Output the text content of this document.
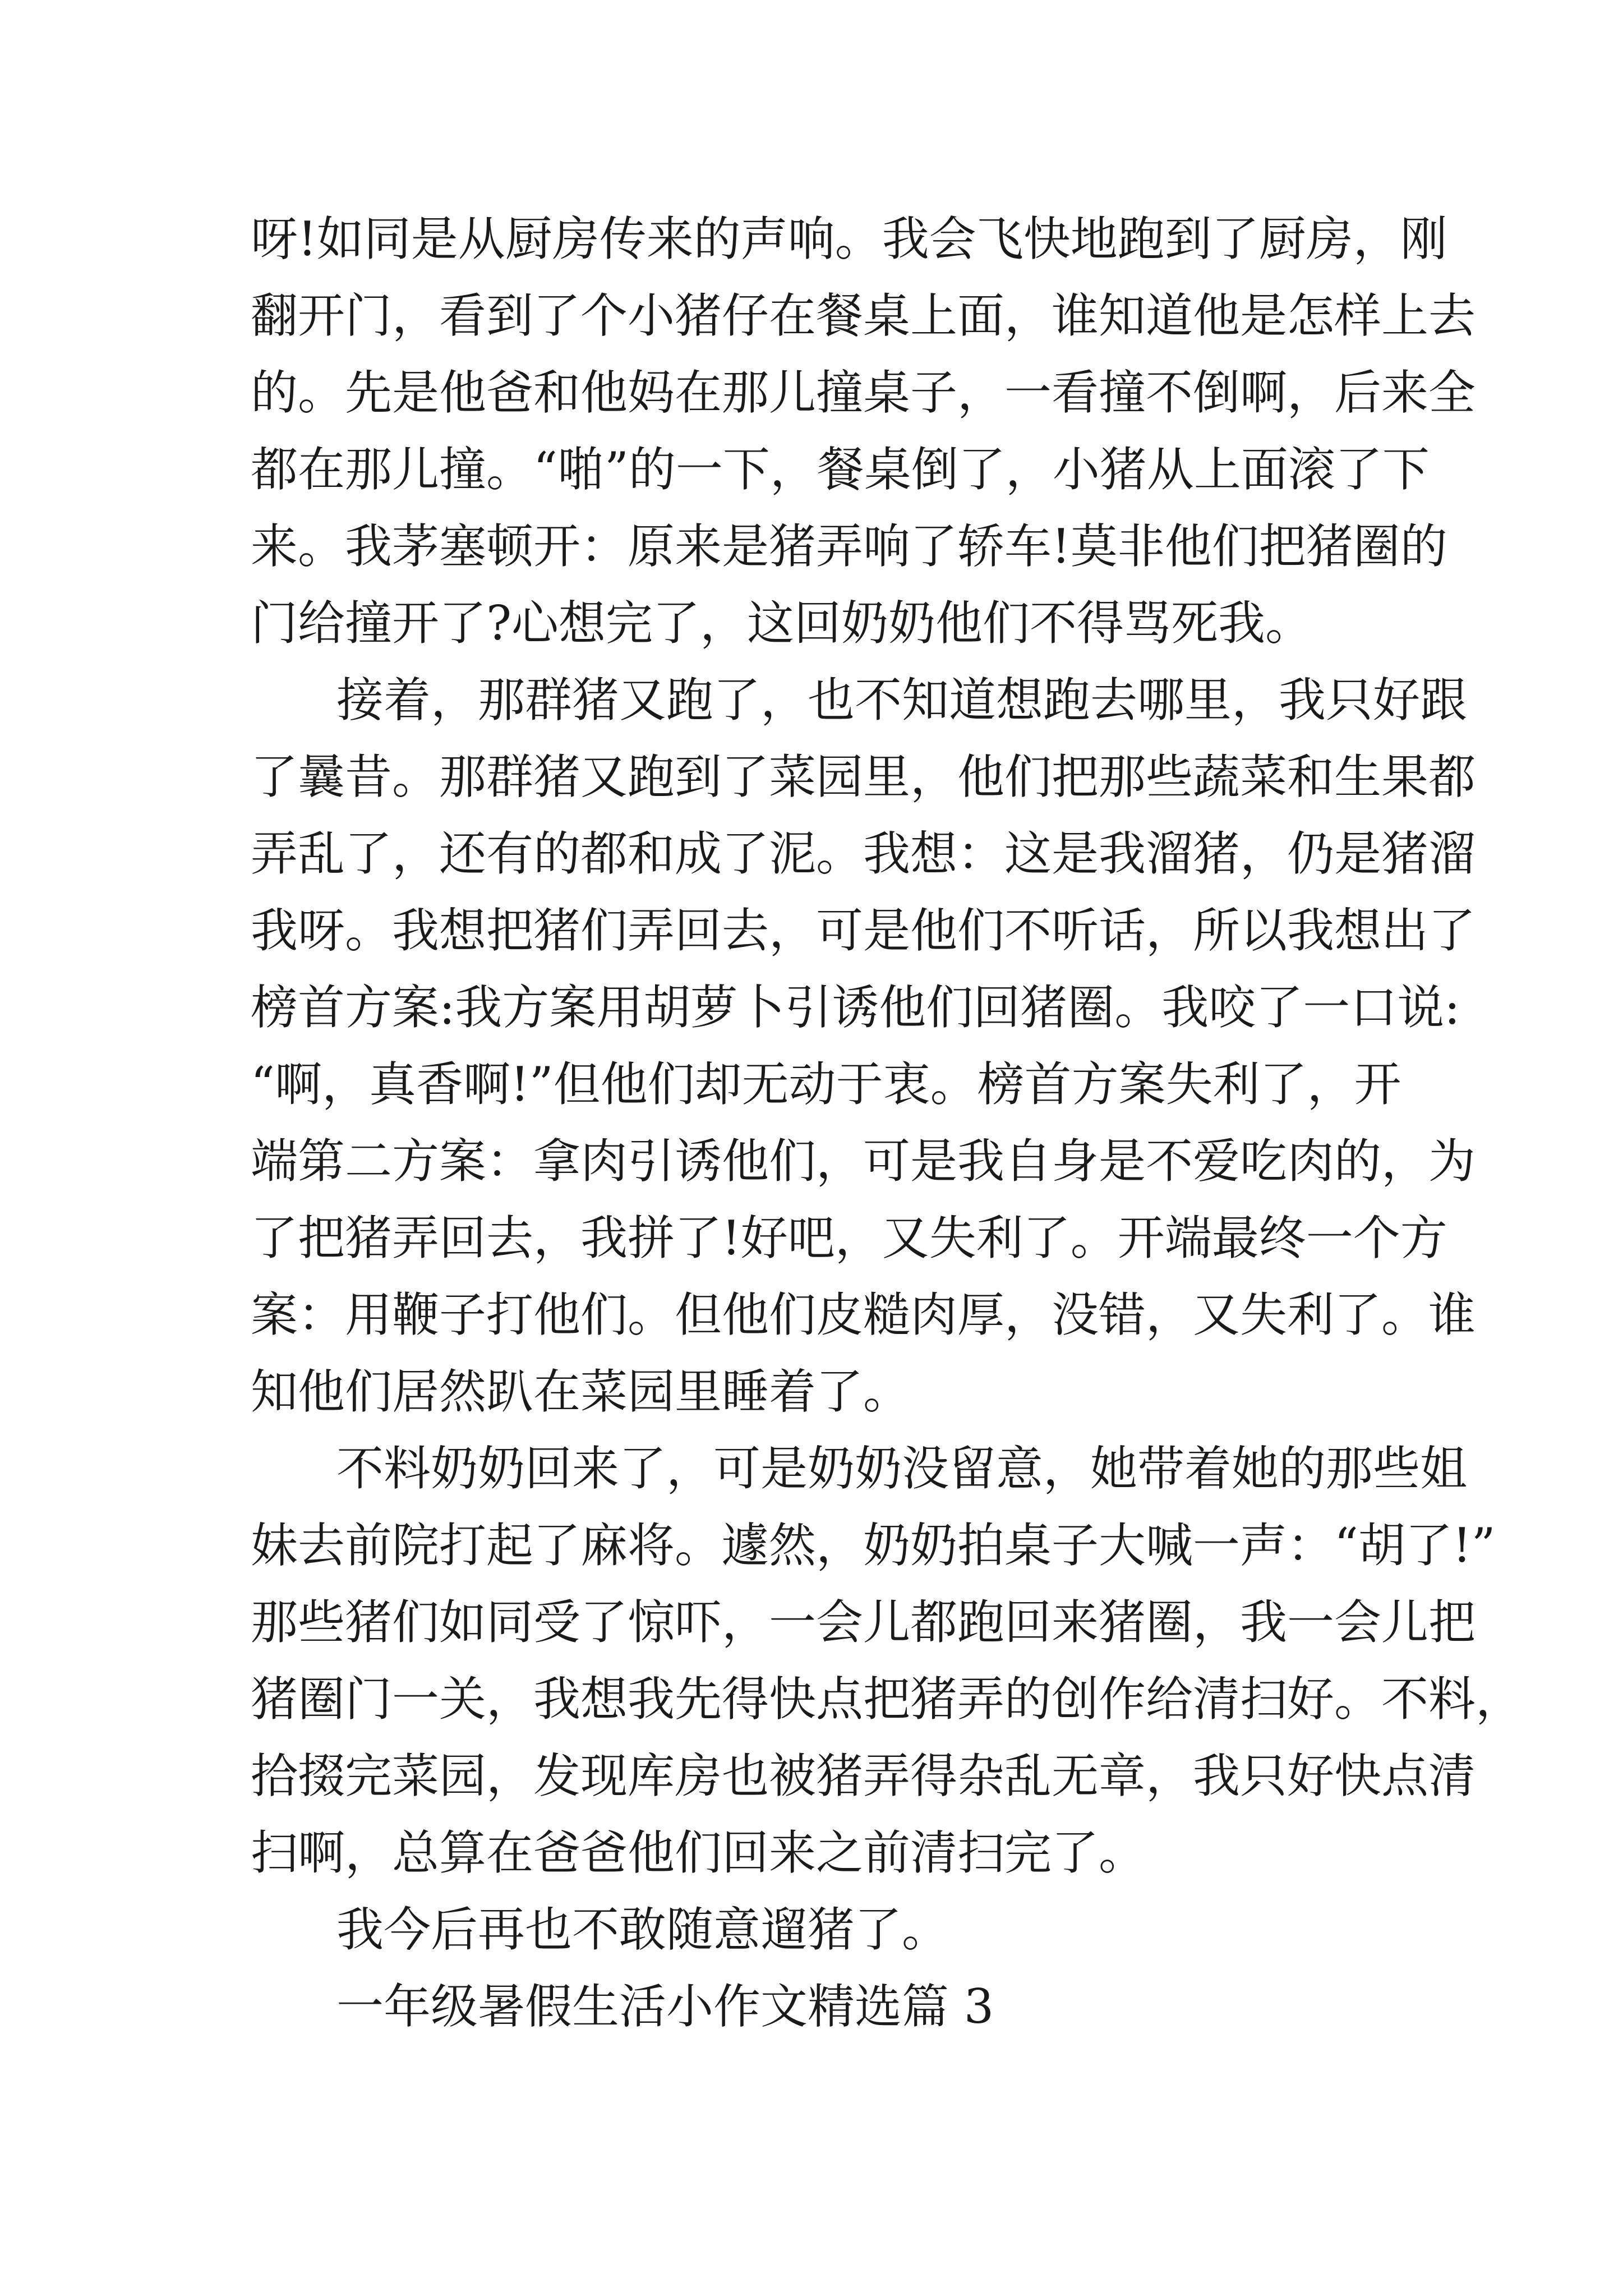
呀!如同是从厨房传来的声响。我会飞快地跑到了厨房，刚
翻开门，看到了个小猪仔在餐桌上面，谁知道他是怎样上去
的。先是他爸和他妈在那儿撞桌子，一看撞不倒啊，后来全
都在那儿撞。“啪”的一下，餐桌倒了，小猪从上面滚了下
来。我茅塞顿开：原来是猪弄响了轿车!莫非他们把猪圈的
门给撞开了?心想完了，这回奶奶他们不得骂死我。
接着，那群猪又跑了，也不知道想跑去哪里，我只好跟
了曩昔。那群猪又跑到了菜园里，他们把那些蔬菜和生果都
弄乱了，还有的都和成了泥。我想：这是我溜猪，仍是猪溜
我呀。我想把猪们弄回去，可是他们不听话，所以我想出了
榜首方案:我方案用胡萝卜引诱他们回猪圈。我咬了一口说:
“啊，真香啊!”但他们却无动于衷。榜首方案失利了，开
端第二方案：拿肉引诱他们，可是我自身是不爱吃肉的，为
了把猪弄回去，我拼了!好吧，又失利了。开端最终一个方
案：用鞭子打他们。但他们皮糙肉厚，没错，又失利了。谁
知他们居然趴在菜园里睡着了。
不料奶奶回来了，可是奶奶没留意，她带着她的那些姐
妹去前院打起了麻将。遽然，奶奶拍桌子大喊一声：“胡了!”
那些猪们如同受了惊吓，一会儿都跑回来猪圈，我一会儿把
猪圈门一关，我想我先得快点把猪弄的创作给清扫好。不料，
拾掇完菜园，发现库房也被猪弄得杂乱无章，我只好快点清
扫啊，总算在爸爸他们回来之前清扫完了。
我今后再也不敢随意遛猪了。
一年级暑假生活小作文精选篇 3
